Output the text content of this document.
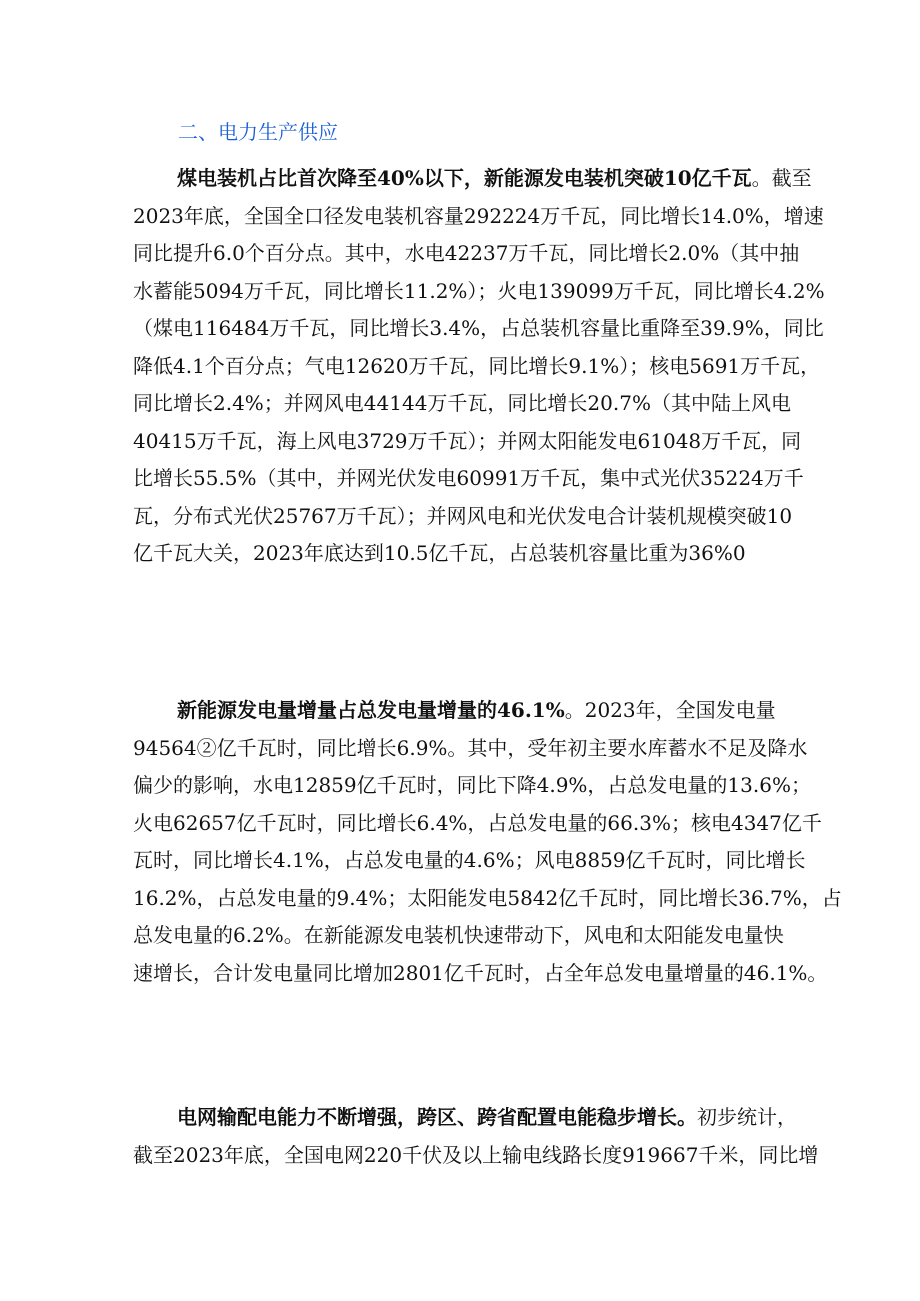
二、电力生产供应
煤电装机占比首次降至40%以下，新能源发电装机突破10亿千瓦。截至
2023年底，全国全口径发电装机容量292224万千瓦，同比增长14.0%，增速
同比提升6.0个百分点。其中，水电42237万千瓦，同比增长2.0%（其中抽
水蓄能5094万千瓦，同比增长11.2%）；火电139099万千瓦，同比增长4.2%
（煤电116484万千瓦，同比增长3.4%，占总装机容量比重降至39.9%，同比
降低4.1个百分点；气电12620万千瓦，同比增长9.1%）；核电5691万千瓦，
同比增长2.4%；并网风电44144万千瓦，同比增长20.7%（其中陆上风电
40415万千瓦，海上风电3729万千瓦）；并网太阳能发电61048万千瓦，同
比增长55.5%（其中，并网光伏发电60991万千瓦，集中式光伏35224万千
瓦，分布式光伏25767万千瓦）；并网风电和光伏发电合计装机规模突破10
亿千瓦大关，2023年底达到10.5亿千瓦，占总装机容量比重为36%0
新能源发电量增量占总发电量增量的46.1%。2023年，全国发电量
94564②亿千瓦时，同比增长6.9%。其中，受年初主要水库蓄水不足及降水
偏少的影响，水电12859亿千瓦时，同比下降4.9%，占总发电量的13.6%；
火电62657亿千瓦时，同比增长6.4%，占总发电量的66.3%；核电4347亿千
瓦时，同比增长4.1%，占总发电量的4.6%；风电8859亿千瓦时，同比增长
16.2%，占总发电量的9.4%；太阳能发电5842亿千瓦时，同比增长36.7%，占
总发电量的6.2%。在新能源发电装机快速带动下，风电和太阳能发电量快
速增长，合计发电量同比增加2801亿千瓦时，占全年总发电量增量的46.1%。
电网输配电能力不断增强，跨区、跨省配置电能稳步增长。初步统计，
截至2023年底，全国电网220千伏及以上输电线路长度919667千米，同比增
